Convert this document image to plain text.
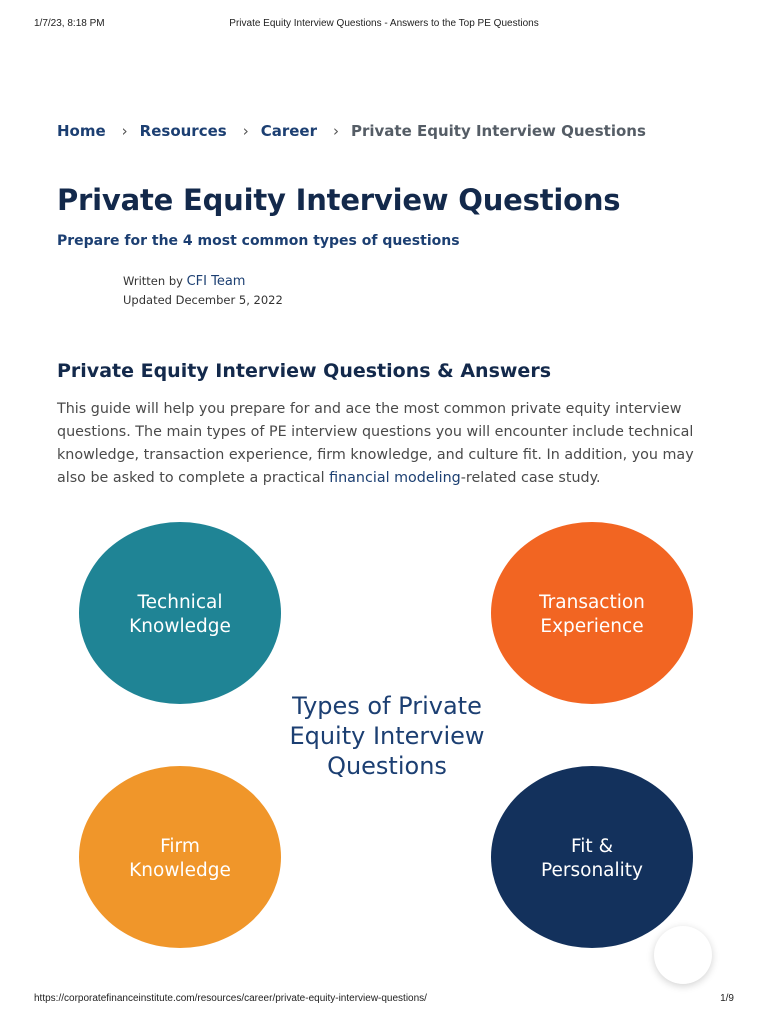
1/7/23, 8:18 PM	Private Equity Interview Questions - Answers to the Top PE Questions
Home › Resources › Career › Private Equity Interview Questions
Private Equity Interview Questions
Prepare for the 4 most common types of questions
Written by CFI Team
Updated December 5, 2022
Private Equity Interview Questions & Answers

This guide will help you prepare for and ace the most common private equity interview questions. The main types of PE interview questions you will encounter include technical knowledge, transaction experience, firm knowledge, and culture fit. In addition, you may also be asked to complete a practical financial modeling-related case study.

Technical
Knowledge
Transaction
Experience
Types of Private
Equity Interview
Questions
Firm
Knowledge
Fit &
Personality
https://corporatefinanceinstitute.com/resources/career/private-equity-interview-questions/	1/9
